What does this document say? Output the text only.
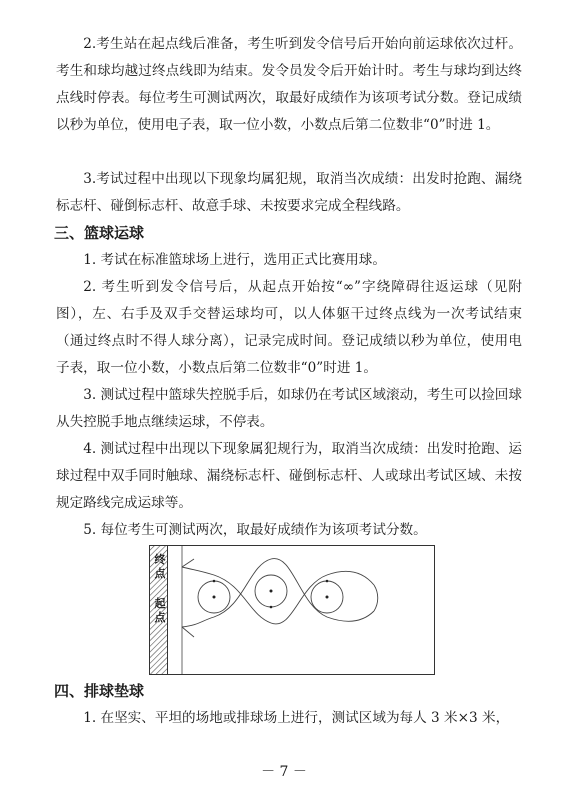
2.考生站在起点线后准备，考生听到发令信号后开始向前运球依次过杆。考生和球均越过终点线即为结束。发令员发令后开始计时。考生与球均到达终点线时停表。每位考生可测试两次，取最好成绩作为该项考试分数。登记成绩以秒为单位，使用电子表，取一位小数，小数点后第二位数非“0”时进 1。

3.考试过程中出现以下现象均属犯规，取消当次成绩：出发时抢跑、漏绕标志杆、碰倒标志杆、故意手球、未按要求完成全程线路。

三、篮球运球

1. 考试在标准篮球场上进行，选用正式比赛用球。

2. 考生听到发令信号后，从起点开始按“∞”字绕障碍往返运球（见附图），左、右手及双手交替运球均可，以人体躯干过终点线为一次考试结束（通过终点时不得人球分离），记录完成时间。登记成绩以秒为单位，使用电子表，取一位小数，小数点后第二位数非“0”时进 1。

3. 测试过程中篮球失控脱手后，如球仍在考试区域滚动，考生可以捡回球从失控脱手地点继续运球，不停表。

4. 测试过程中出现以下现象属犯规行为，取消当次成绩：出发时抢跑、运球过程中双手同时触球、漏绕标志杆、碰倒标志杆、人或球出考试区域、未按规定路线完成运球等。

5. 每位考生可测试两次，取最好成绩作为该项考试分数。

终
点
起
点
四、排球垫球

1. 在坚实、平坦的场地或排球场上进行，测试区域为每人 3 米×3 米，

－ 7 －
